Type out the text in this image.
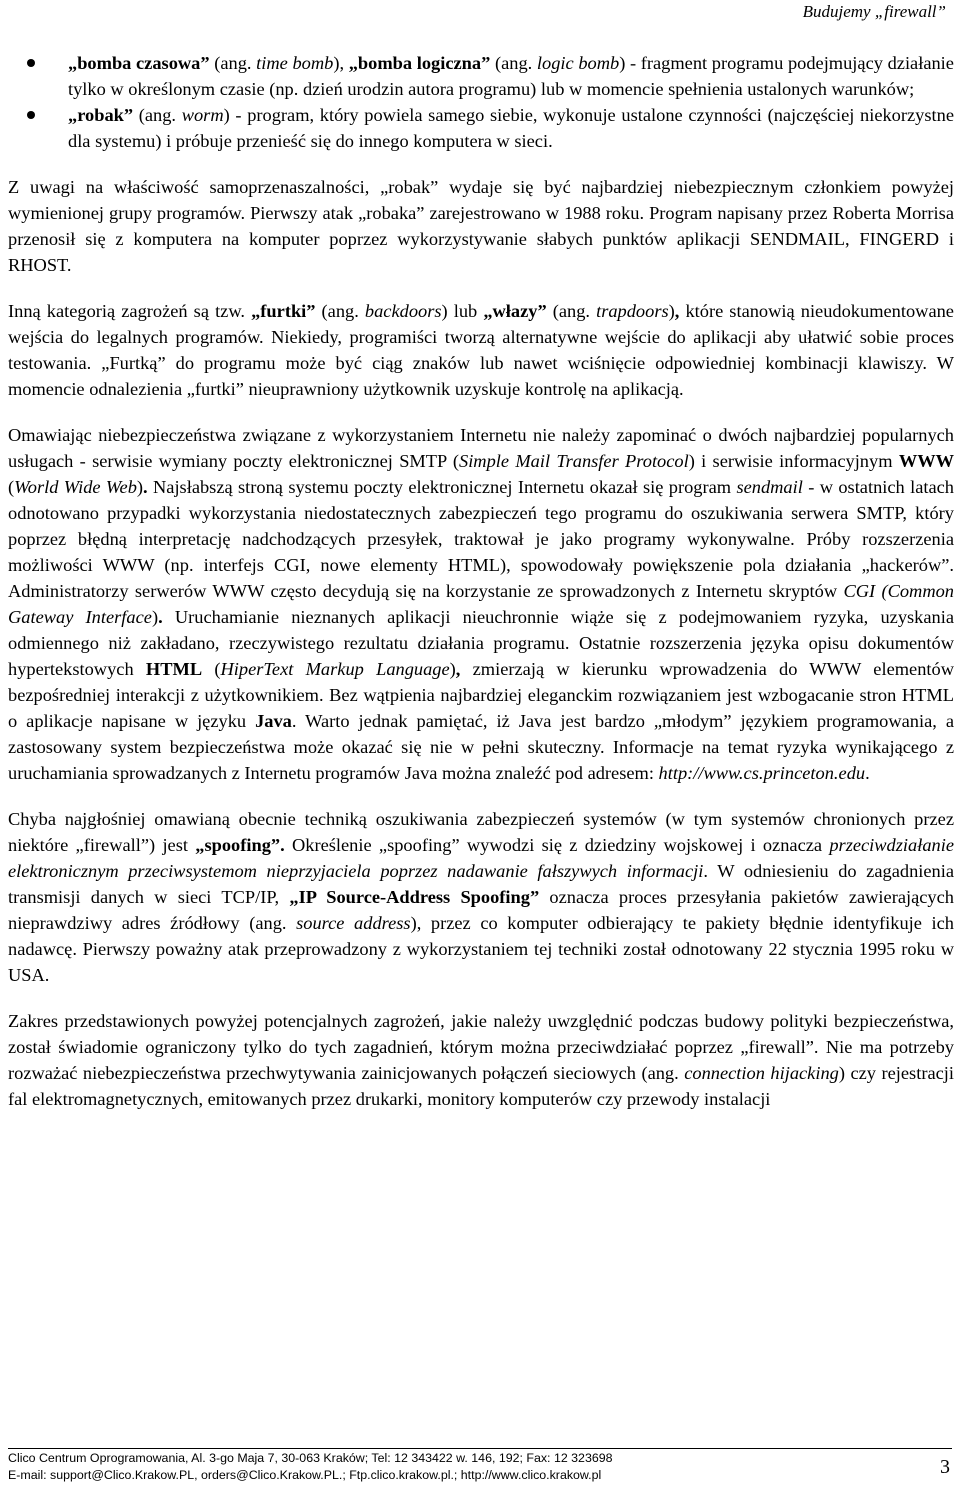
Budujemy „firewall”
„bomba czasowa” (ang. time bomb), „bomba logiczna” (ang. logic bomb) - fragment programu podejmujący działanie tylko w określonym czasie (np. dzień urodzin autora programu) lub w momencie spełnienia ustalonych warunków;
„robak” (ang. worm) - program, który powiela samego siebie, wykonuje ustalone czynności (najczęściej niekorzystne dla systemu) i próbuje przenieść się do innego komputera w sieci.

Z uwagi na właściwość samoprzenaszalności, „robak” wydaje się być najbardziej niebezpiecznym członkiem powyżej wymienionej grupy programów. Pierwszy atak „robaka” zarejestrowano w 1988 roku. Program napisany przez Roberta Morrisa przenosił się z komputera na komputer poprzez wykorzystywanie słabych punktów aplikacji SENDMAIL, FINGERD i RHOST.

Inną kategorią zagrożeń są tzw. „furtki” (ang. backdoors) lub „włazy” (ang. trapdoors), które stanowią nieudokumentowane wejścia do legalnych programów. Niekiedy, programiści tworzą alternatywne wejście do aplikacji aby ułatwić sobie proces testowania. „Furtką” do programu może być ciąg znaków lub nawet wciśnięcie odpowiedniej kombinacji klawiszy. W momencie odnalezienia „furtki” nieuprawniony użytkownik uzyskuje kontrolę na aplikacją.

Omawiając niebezpieczeństwa związane z wykorzystaniem Internetu nie należy zapominać o dwóch najbardziej popularnych usługach - serwisie wymiany poczty elektronicznej SMTP (Simple Mail Transfer Protocol) i serwisie informacyjnym WWW (World Wide Web). Najsłabszą stroną systemu poczty elektronicznej Internetu okazał się program sendmail - w ostatnich latach odnotowano przypadki wykorzystania niedostatecznych zabezpieczeń tego programu do oszukiwania serwera SMTP, który poprzez błędną interpretację nadchodzących przesyłek, traktował je jako programy wykonywalne. Próby rozszerzenia możliwości WWW (np. interfejs CGI, nowe elementy HTML), spowodowały powiększenie pola działania „hackerów”. Administratorzy serwerów WWW często decydują się na korzystanie ze sprowadzonych z Internetu skryptów CGI (Common Gateway Interface). Uruchamianie nieznanych aplikacji nieuchronnie wiąże się z podejmowaniem ryzyka, uzyskania odmiennego niż zakładano, rzeczywistego rezultatu działania programu. Ostatnie rozszerzenia języka opisu dokumentów hypertekstowych HTML (HiperText Markup Language), zmierzają w kierunku wprowadzenia do WWW elementów bezpośredniej interakcji z użytkownikiem. Bez wątpienia najbardziej eleganckim rozwiązaniem jest wzbogacanie stron HTML o aplikacje napisane w języku Java. Warto jednak pamiętać, iż Java jest bardzo „młodym” językiem programowania, a zastosowany system bezpieczeństwa może okazać się nie w pełni skuteczny. Informacje na temat ryzyka wynikającego z uruchamiania sprowadzanych z Internetu programów Java można znaleźć pod adresem: http://www.cs.princeton.edu.

Chyba najgłośniej omawianą obecnie techniką oszukiwania zabezpieczeń systemów (w tym systemów chronionych przez niektóre „firewall”) jest „spoofing”. Określenie „spoofing” wywodzi się z dziedziny wojskowej i oznacza przeciwdziałanie elektronicznym przeciwsystemom nieprzyjaciela poprzez nadawanie fałszywych informacji. W odniesieniu do zagadnienia transmisji danych w sieci TCP/IP, „IP Source-Address Spoofing” oznacza proces przesyłania pakietów zawierających nieprawdziwy adres źródłowy (ang. source address), przez co komputer odbierający te pakiety błędnie identyfikuje ich nadawcę. Pierwszy poważny atak przeprowadzony z wykorzystaniem tej techniki został odnotowany 22 stycznia 1995 roku w USA.

Zakres przedstawionych powyżej potencjalnych zagrożeń, jakie należy uwzględnić podczas budowy polityki bezpieczeństwa, został świadomie ograniczony tylko do tych zagadnień, którym można przeciwdziałać poprzez „firewall”. Nie ma potrzeby rozważać niebezpieczeństwa przechwytywania zainicjowanych połączeń sieciowych (ang. connection hijacking) czy rejestracji fal elektromagnetycznych, emitowanych przez drukarki, monitory komputerów czy przewody instalacji

Clico Centrum Oprogramowania, Al. 3-go Maja 7, 30-063 Kraków; Tel: 12 343422 w. 146, 192; Fax: 12 323698
E-mail: support@Clico.Krakow.PL, orders@Clico.Krakow.PL.; Ftp.clico.krakow.pl.; http://www.clico.krakow.pl	3
